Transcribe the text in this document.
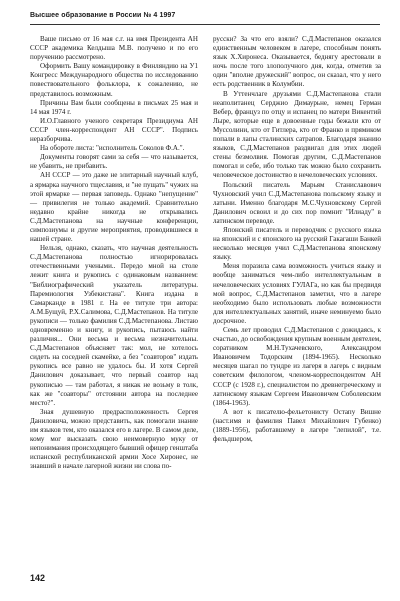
Высшее образование в России № 4 1997

Ваше письмо от 16 мая с.г. на имя Президента АН СССР академика Келдыша М.В. получено и по его поручению рассмотрено.

Оформить Вашу командировку в Финляндию на У1 Конгресс Международного общества по исследованию повествовательного фольклора, к сожалению, не представилось возможным.

Причины Вам были сообщены в письмах 25 мая и 14 мая 1974 г.

И.О.Главного ученого секретаря Президиума АН СССР член-корреспондент АН СССР". Подпись неразборчива.

На обороте листа: "исполнитель Соколов Ф.А.".

Документы говорят сами за себя — что называется, не убавить, не прибавить.

АН СССР — это даже не элитарный научный клуб, а ярмарка научного тщеславия, и "не пущать" чужих на этой ярмарке — первая заповедь. Однако "непущение" — привилегия не только академий. Сравнительно недавно крайне никогда не открывались С.Д.Мастепанова на научные конференции, симпозиумы и другие мероприятия, проводившиеся в нашей стране.

Нельзя, однако, сказать, что научная деятельность С.Д.Мастепанова полностью игнорировалась отечественными учеными.. Передо мной на столе лежит книга и рукопись с одинаковым названием: "Библиографический указатель литературы. Паремиология Узбекистана". Книга издана в Самарканде в 1981 г. На ее титуле три автора: А.М.Бущуй, Р.Х.Салимова, С.Д.Мастепанов. На титуле рукописи — только фамилия С.Д.Мастепанова. Листаю одновременно и книгу, и рукопись, пытаюсь найти различия... Они весьма и весьма незначительны. С.Д.Мастепанов объясняет так: мол, не хотелось сидеть на соседней скамейке, а без "соавторов" издать рукопись все равно не удалось бы. И хотя Сергей Данилович доказывает, что первый соавтор над рукописью — там работал, я никак не возьму в толк, как же "соавторы" отстоянии автора на последнее место?".

Зная душевную предрасположенность Сергея Даниловича, можно представить, как помогали знание им языков тем, кто оказался его в лагере. В самом деле, кому мог высказать свою неимоверную муку от непонимания происходящего бывший офицер генштаба испанской республиканской армии Хосе Хиронес, не знавший в начале лагерной жизни ни слова по-

русски? За что его взяли? С.Д.Мастепанов оказался единственным человеком в лагере, способным понять язык Х.Хиронеса. Оказывается, беднягу арестовали в ночь после того злополучного дня, когда, отметив за один "вполне дружеский" вопрос, он сказал, что у него есть родственник в Колумбии.

В Уттенчлаге друзьями С.Д.Мастепанова стали неаполитанец Серджио Димаурьне, немец Герман Вебер, француз по отцу и испанец по матери Викентий Лыре, которые еще в довоенные годы бежали кто от Муссолини, кто от Гитлера, кто от Франко и прямиком попали в лапы сталинских сатрапов. Благодаря знанию языков, С.Д.Мастепанов раздвигал для этих людей стены безмолвия. Помогая другим, С.Д.Мастепанов помогал и себе, ибо только так можно было сохранить человеческое достоинство в нечеловеческих условиях.

Польский писатель Марьям Станиславович Чухновский учил С.Д.Мастепанова польскому языку и латыни. Именно благодаря М.С.Чухновскому Сергей Данилович освоил и до сих пор помнит "Илиаду" в латинском переводе.

Японский писатель и переводчик с русского языка на японский и с японского на русский Гакагаши Банкей несколько месяцев учил С.Д.Мастепанова японскому языку.

Меня поразила сама возможность учиться языку и вообще заниматься чем-либо интеллектуальным в нечеловеческих условиях ГУЛАГа, но как бы предвидя мой вопрос, С.Д.Мастепанов заметил, что в лагере необходимо было использовать любые возможности для интеллектуальных занятий, иначе неминуемо было досрочное.

Семь лет проводил С.Д.Мастепанов с дожидаясь, к счастью, до освобождения крупным военным деятелем, соратником М.Н.Тухачевского, Александром Ивановичем Тодорским (1894-1965). Несколько месяцев шагал по тундре из лагеря в лагерь с видным советским филологом, членом-корреспондентом АН СССР (с 1928 г.), специалистом по древнегреческому и латинскому языкам Сергеем Ивановичем Соболевским (1864-1963).

А вот к писателю-фельетонисту Остапу Вишне (наст.имя и фамилия Павел Михайлович Губенко) (1889-1956), работавшему в лагере "лепилой", т.е. фельдшером,

142
